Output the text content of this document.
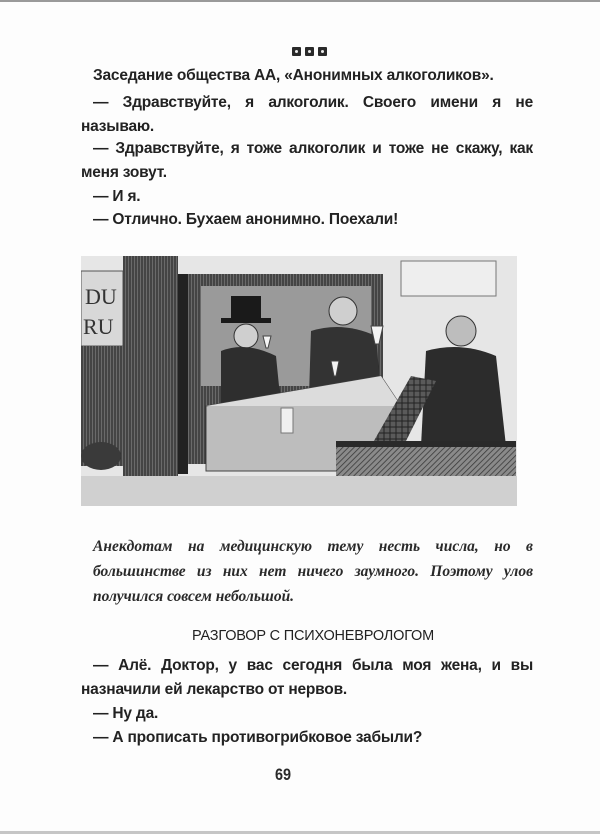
Заседание общества АА, «Анонимных алкоголиков».
— Здравствуйте, я алкоголик. Своего имени я не называю.
— Здравствуйте, я тоже алкоголик и тоже не скажу, как меня зовут.
— И я.
— Отлично. Бухаем анонимно. Поехали!
DU
RU
Анекдотам на медицинскую тему несть числа, но в большинстве из них нет ничего заумного. Поэтому улов получился совсем небольшой.
РАЗГОВОР С ПСИХОНЕВРОЛОГОМ
— Алё. Доктор, у вас сегодня была моя жена, и вы назначили ей лекарство от нервов.
— Ну да.
— А прописать противогрибковое забыли?
69
